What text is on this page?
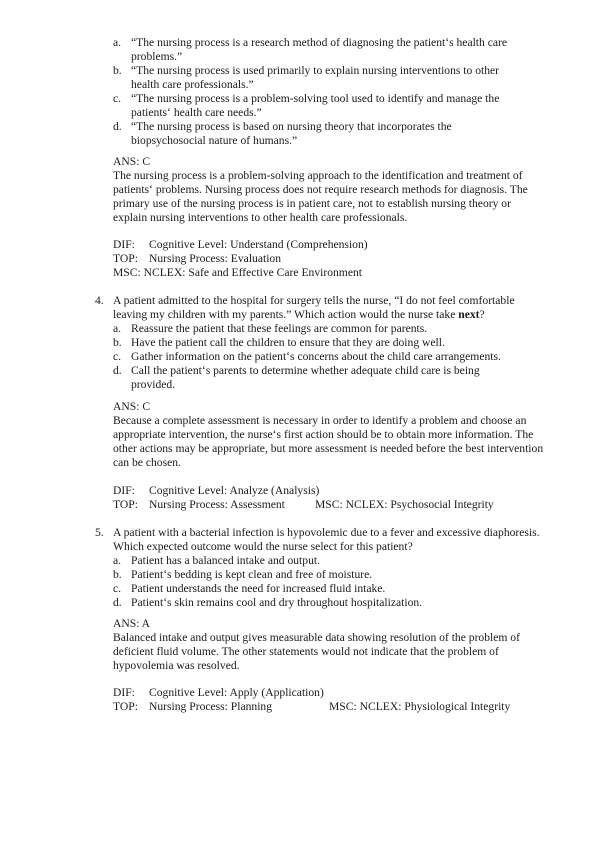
a. “The nursing process is a research method of diagnosing the patient‘s health care
problems.”
b. “The nursing process is used primarily to explain nursing interventions to other
health care professionals.”
c. “The nursing process is a problem-solving tool used to identify and manage the
patients‘ health care needs.”
d. “The nursing process is based on nursing theory that incorporates the
biopsychosocial nature of humans.”
ANS: C
The nursing process is a problem-solving approach to the identification and treatment of
patients‘ problems. Nursing process does not require research methods for diagnosis. The
primary use of the nursing process is in patient care, not to establish nursing theory or
explain nursing interventions to other health care professionals.
DIF: Cognitive Level: Understand (Comprehension)
TOP: Nursing Process: Evaluation
MSC: NCLEX: Safe and Effective Care Environment
4. A patient admitted to the hospital for surgery tells the nurse, “I do not feel comfortable
leaving my children with my parents.” Which action would the nurse take next?
a. Reassure the patient that these feelings are common for parents.
b. Have the patient call the children to ensure that they are doing well.
c. Gather information on the patient‘s concerns about the child care arrangements.
d. Call the patient‘s parents to determine whether adequate child care is being
provided.
ANS: C
Because a complete assessment is necessary in order to identify a problem and choose an
appropriate intervention, the nurse‘s first action should be to obtain more information. The
other actions may be appropriate, but more assessment is needed before the best intervention
can be chosen.
DIF: Cognitive Level: Analyze (Analysis)
TOP: Nursing Process: Assessment	MSC: NCLEX: Psychosocial Integrity
5. A patient with a bacterial infection is hypovolemic due to a fever and excessive diaphoresis.
Which expected outcome would the nurse select for this patient?
a. Patient has a balanced intake and output.
b. Patient‘s bedding is kept clean and free of moisture.
c. Patient understands the need for increased fluid intake.
d. Patient‘s skin remains cool and dry throughout hospitalization.
ANS: A
Balanced intake and output gives measurable data showing resolution of the problem of
deficient fluid volume. The other statements would not indicate that the problem of
hypovolemia was resolved.
DIF: Cognitive Level: Apply (Application)
TOP: Nursing Process: Planning	MSC: NCLEX: Physiological Integrity
